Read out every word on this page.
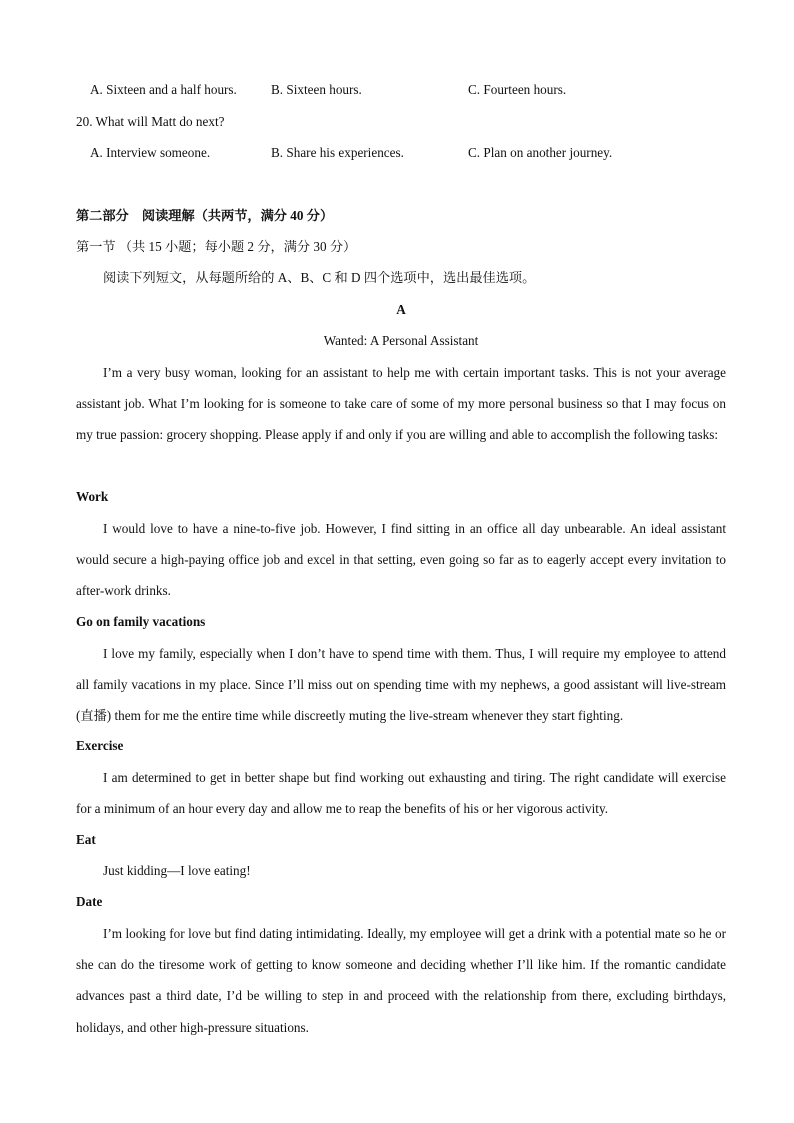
A. Sixteen and a half hours.	B. Sixteen hours.	C. Fourteen hours.
20. What will Matt do next?
A. Interview someone.	B. Share his experiences.	C. Plan on another journey.
第二部分　阅读理解（共两节，满分 40 分）
第一节 （共 15 小题；每小题 2 分，满分 30 分）
阅读下列短文，从每题所给的 A、B、C 和 D 四个选项中，选出最佳选项。
A
Wanted: A Personal Assistant
I’m a very busy woman, looking for an assistant to help me with certain important tasks. This is not your average assistant job. What I’m looking for is someone to take care of some of my more personal business so that I may focus on my true passion: grocery shopping. Please apply if and only if you are willing and able to accomplish the following tasks:
Work
I would love to have a nine-to-five job. However, I find sitting in an office all day unbearable. An ideal assistant would secure a high-paying office job and excel in that setting, even going so far as to eagerly accept every invitation to after-work drinks.
Go on family vacations
I love my family, especially when I don’t have to spend time with them. Thus, I will require my employee to attend all family vacations in my place. Since I’ll miss out on spending time with my nephews, a good assistant will live-stream (直播) them for me the entire time while discreetly muting the live-stream whenever they start fighting.
Exercise
I am determined to get in better shape but find working out exhausting and tiring. The right candidate will exercise for a minimum of an hour every day and allow me to reap the benefits of his or her vigorous activity.
Eat
Just kidding—I love eating!
Date
I’m looking for love but find dating intimidating. Ideally, my employee will get a drink with a potential mate so he or she can do the tiresome work of getting to know someone and deciding whether I’ll like him. If the romantic candidate advances past a third date, I’d be willing to step in and proceed with the relationship from there, excluding birthdays, holidays, and other high-pressure situations.
